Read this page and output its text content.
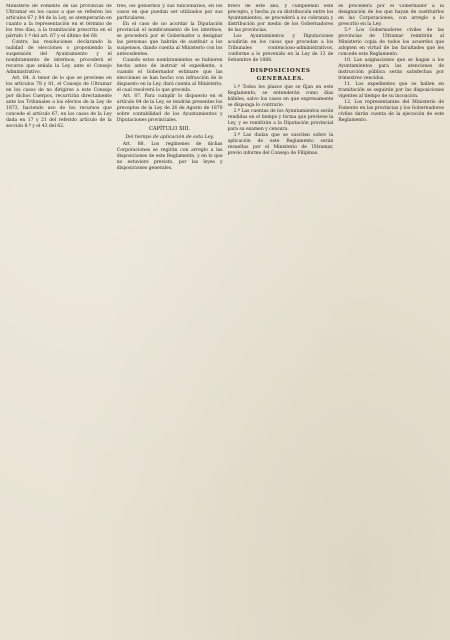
Ministerio de Fomento de las provincias de Ultramar en los casos a que se refieren los artículos 67 y 84 de la Ley, se atemperarán en cuanto a la representación en el término de los tres días, a la tramitación prescrita en el párrafo 1.º del art. 67 y el último del 68.

Contra las resoluciones declarando la nulidad de elecciones o proponiendo la suspensión del Ayuntamiento y el nombramiento de interinos, procederá el recurso que señala la Ley, ante el Consejo Administrativo.

Art. 84. A tenor de lo que se previene en los artículos 78 y 81, el Consejo de Ultramar en los casos de no dirigirse a este Consejo por dichos Cuerpos, recurrirán directamente ante los Tribunales a los efectos de la Ley de 1873, haciendo uso de los recursos que concede el artículo 67, en los casos de la Ley dada en 17 y 21 del referido artículo de la sección 8.ª y el 43 del 62.

tres, los gobiernos y sus funcionarios, en los casos en que puedan ser utilizados por sus particulares.

En el caso de no acordar la Diputación provincial el nombramiento de los interinos, se procederá por el Gobernador a designar las personas que habrán de sustituir a los suspensos, dando cuenta al Ministerio con los antecedentes.

Cuando estos nombramientos se hubieren hecho antes de instruir el expediente, o cuando el Gobernador estimare que las elecciones se han hecho con infracción de lo dispuesto en la Ley, dará cuenta al Ministerio, el cual resolverá lo que proceda.

Art. 87. Para cumplir lo dispuesto en el artículo 84 de la Ley, se tendrán presentes los preceptos de la Ley de 26 de Agosto de 1870 sobre contabilidad de los Ayuntamientos y Diputaciones provinciales.

CAPÍTULO XIII.
Del tiempo de aplicación de esta Ley.

Art. 88. Los regímenes de dichas Corporaciones se regirán con arreglo a las disposiciones de este Reglamento, y en lo que no estuviere previsto, por las leyes y disposiciones generales.

brero de este año, y cumpliendo este precepto, y hecha ya su distribución entre los Ayuntamientos, se procederá a su cobranza y distribución por medio de los Gobernadores de las provincias.

Los Ayuntamientos y Diputaciones acudirán en los casos que procedan a los Tribunales contencioso-administrativos, conforme a lo prevenido en la Ley de 13 de Setiembre de 1888.

DISPOSICIONES GENERALES.

1.º Todos los plazos que se fijan en este Reglamento, se entenderán como días hábiles, salvo los casos en que expresamente se disponga lo contrario.

2.º Las cuentas de los Ayuntamientos serán rendidas en el tiempo y forma que previene la Ley, y se remitirán a la Diputación provincial para su examen y censura.

3.º Las dudas que se susciten sobre la aplicación de este Reglamento serán resueltas por el Ministerio de Ultramar, previo informe del Consejo de Filipinas.

se procederá por el Gobernador a la designación de los que hayan de sustituirlos en las Corporaciones, con arreglo a lo prescrito en la Ley.

5.º Los Gobernadores civiles de las provincias de Ultramar remitirán al Ministerio copia de todos los acuerdos que adopten en virtud de las facultades que les concede este Reglamento.

10. Las asignaciones que se hagan a los Ayuntamientos para las atenciones de instrucción pública serán satisfechas por trimestres vencidos.

11. Los expedientes que se hallen en tramitación se seguirán por las disposiciones vigentes al tiempo de su incoación.

12. Los representantes del Ministerio de Fomento en las provincias y los Gobernadores civiles darán cuenta de la ejecución de este Reglamento.
